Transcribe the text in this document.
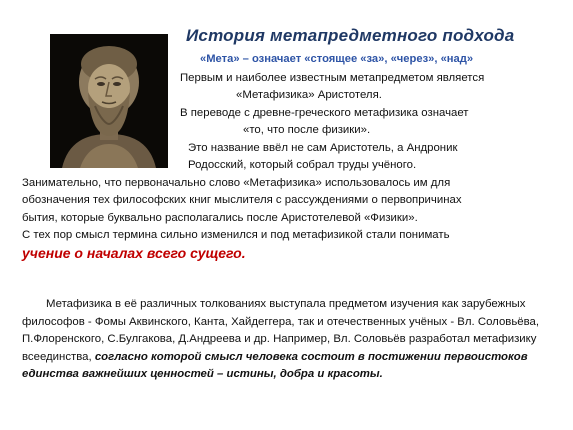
История метапредметного подхода
«Мета» – означает «стоящее «за», «через», «над»
Первым и наиболее известным метапредметом является
«Метафизика» Аристотеля.
В переводе с древне-греческого метафизика означает
«то, что после физики».
Это название ввёл не сам Аристотель, а Андроник
Родосский, который собрал труды учёного.
Занимательно, что первоначально слово «Метафизика» использовалось им для
обозначения тех философских книг мыслителя с рассуждениями о первопричинах
бытия, которые буквально располагались после Аристотелевой «Физики».
С тех пор смысл термина сильно изменился и под метафизикой стали понимать
учение о началах всего сущего.
Метафизика в её различных толкованиях выступала предметом изучения как зарубежных философов - Фомы Аквинского, Канта, Хайдеггера, так и отечественных учёных - Вл. Соловьёва, П.Флоренского, С.Булгакова, Д.Андреева и др. Например, Вл. Соловьёв разработал метафизику всеединства, согласно которой смысл человека состоит в постижении первоистоков единства важнейших ценностей – истины, добра и красоты.
